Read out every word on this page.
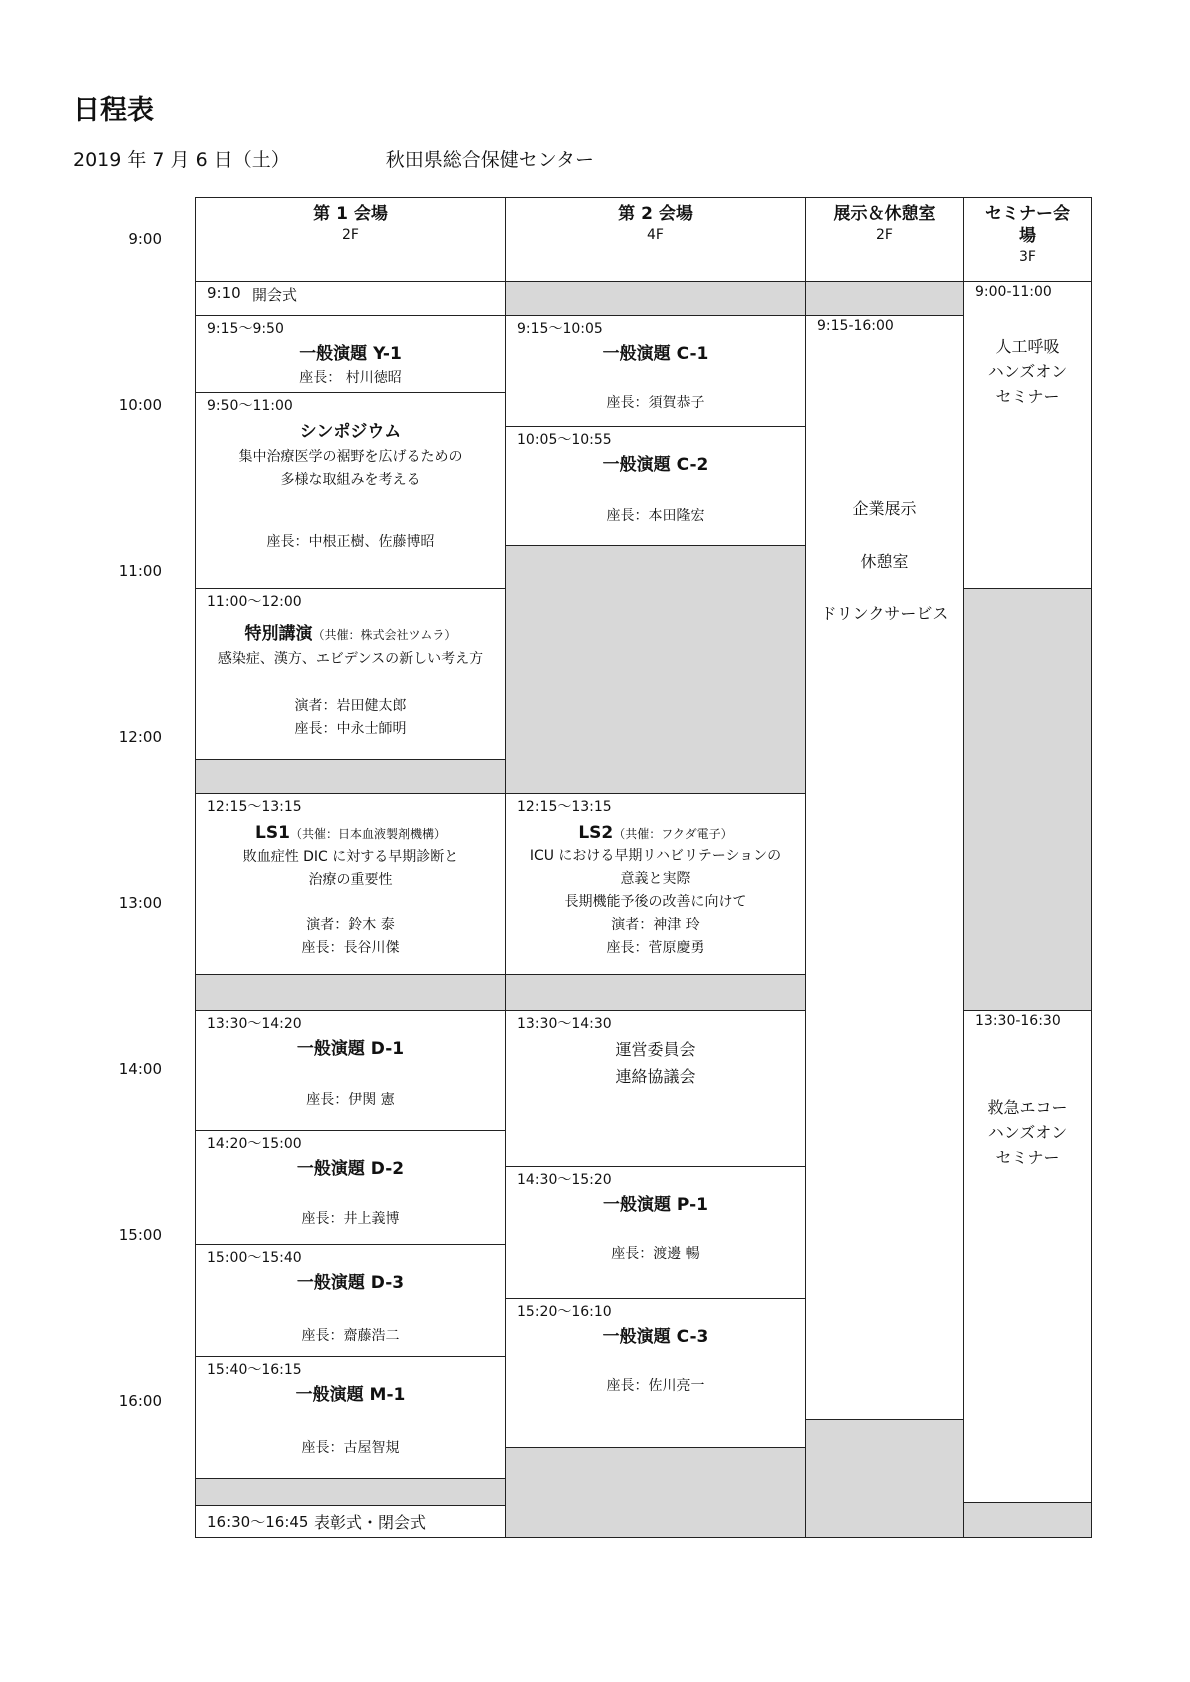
日程表
2019 年 7 月 6 日（土）	秋田県総合保健センター
9:00
10:00
11:00
12:00
13:00
14:00
15:00
16:00
第 1 会場
2F
第 2 会場
4F
展示＆休憩室
2F
セミナー会場
3F
9:10 開会式
9:15～9:50
一般演題 Y-1
座長： 村川徳昭
9:50～11:00
シンポジウム
集中治療医学の裾野を広げるための
多様な取組みを考える
座長：中根正樹、佐藤博昭
11:00～12:00
特別講演（共催：株式会社ツムラ）
感染症、漢方、エビデンスの新しい考え方
演者：岩田健太郎
座長：中永士師明
12:15～13:15
LS1（共催：日本血液製剤機構）
敗血症性 DIC に対する早期診断と
治療の重要性
演者：鈴木 泰
座長：長谷川傑
13:30～14:20
一般演題 D-1
座長：伊関 憲
14:20～15:00
一般演題 D-2
座長：井上義博
15:00～15:40
一般演題 D-3
座長：齋藤浩二
15:40～16:15
一般演題 M-1
座長：古屋智規
16:30～16:45 表彰式・閉会式
9:15～10:05
一般演題 C-1
座長：須賀恭子
10:05～10:55
一般演題 C-2
座長：本田隆宏
12:15～13:15
LS2（共催：フクダ電子）
ICU における早期リハビリテーションの
意義と実際
長期機能予後の改善に向けて
演者：神津 玲
座長：菅原慶勇
13:30～14:30
運営委員会
連絡協議会
14:30～15:20
一般演題 P-1
座長：渡邊 暢
15:20～16:10
一般演題 C-3
座長：佐川亮一
9:15-16:00
企業展示
休憩室
ドリンクサービス
9:00-11:00
人工呼吸
ハンズオン
セミナー
13:30-16:30
救急エコー
ハンズオン
セミナー
